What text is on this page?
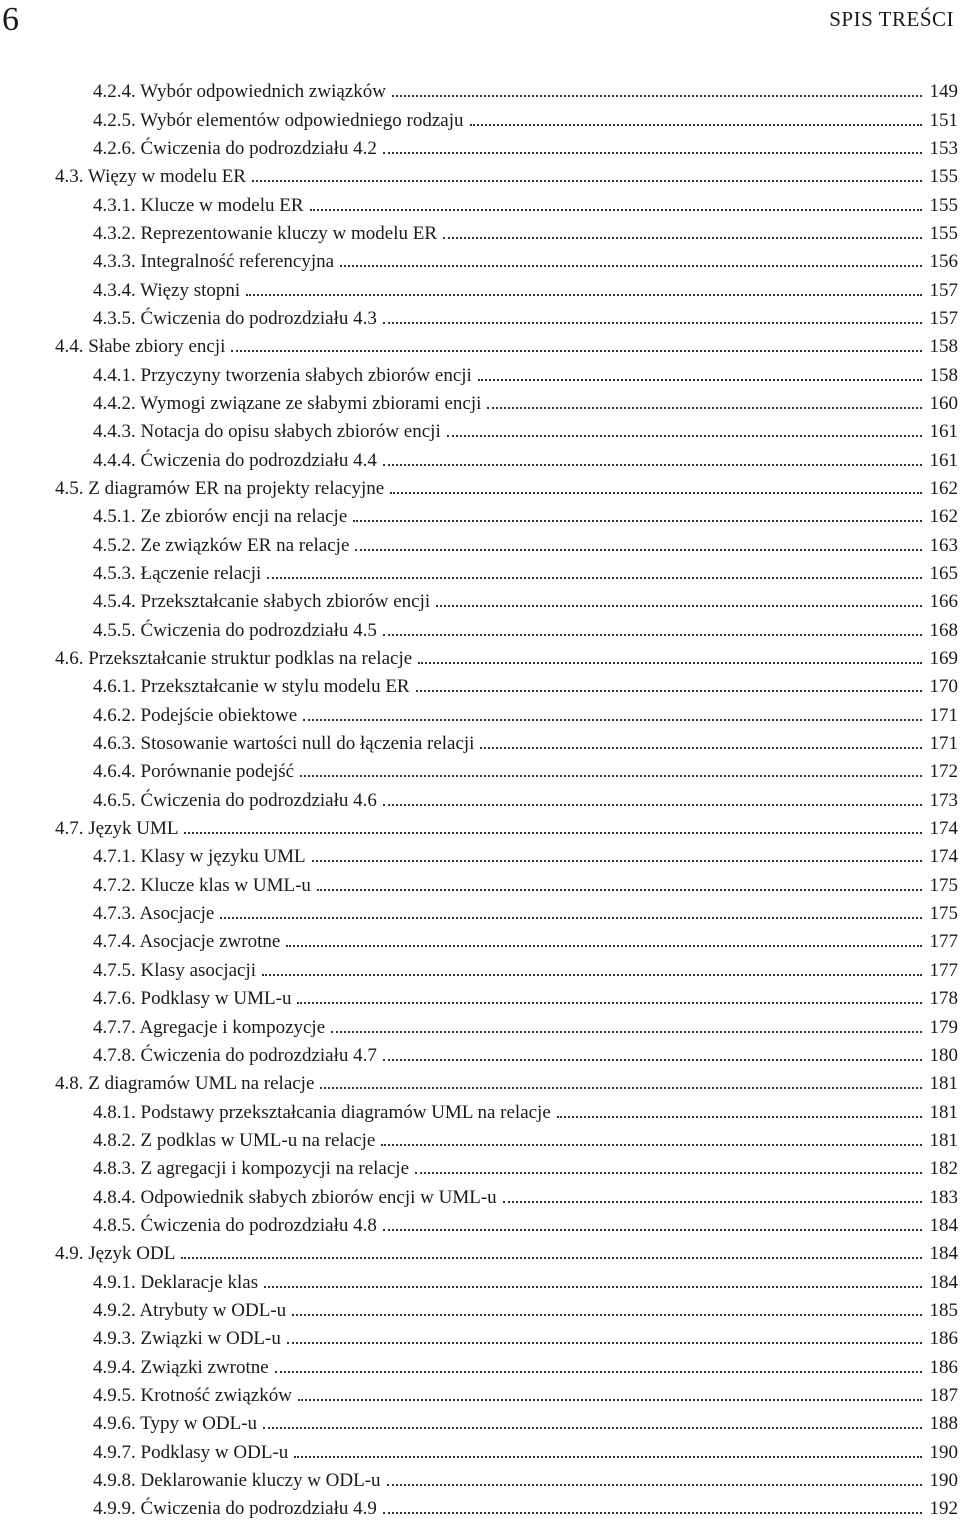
6	SPIS TREŚCI
4.2.4. Wybór odpowiednich związków	149
4.2.5. Wybór elementów odpowiedniego rodzaju	151
4.2.6. Ćwiczenia do podrozdziału 4.2	153
4.3. Więzy w modelu ER	155
4.3.1. Klucze w modelu ER	155
4.3.2. Reprezentowanie kluczy w modelu ER	155
4.3.3. Integralność referencyjna	156
4.3.4. Więzy stopni	157
4.3.5. Ćwiczenia do podrozdziału 4.3	157
4.4. Słabe zbiory encji	158
4.4.1. Przyczyny tworzenia słabych zbiorów encji	158
4.4.2. Wymogi związane ze słabymi zbiorami encji	160
4.4.3. Notacja do opisu słabych zbiorów encji	161
4.4.4. Ćwiczenia do podrozdziału 4.4	161
4.5. Z diagramów ER na projekty relacyjne	162
4.5.1. Ze zbiorów encji na relacje	162
4.5.2. Ze związków ER na relacje	163
4.5.3. Łączenie relacji	165
4.5.4. Przekształcanie słabych zbiorów encji	166
4.5.5. Ćwiczenia do podrozdziału 4.5	168
4.6. Przekształcanie struktur podklas na relacje	169
4.6.1. Przekształcanie w stylu modelu ER	170
4.6.2. Podejście obiektowe	171
4.6.3. Stosowanie wartości null do łączenia relacji	171
4.6.4. Porównanie podejść	172
4.6.5. Ćwiczenia do podrozdziału 4.6	173
4.7. Język UML	174
4.7.1. Klasy w języku UML	174
4.7.2. Klucze klas w UML-u	175
4.7.3. Asocjacje	175
4.7.4. Asocjacje zwrotne	177
4.7.5. Klasy asocjacji	177
4.7.6. Podklasy w UML-u	178
4.7.7. Agregacje i kompozycje	179
4.7.8. Ćwiczenia do podrozdziału 4.7	180
4.8. Z diagramów UML na relacje	181
4.8.1. Podstawy przekształcania diagramów UML na relacje	181
4.8.2. Z podklas w UML-u na relacje	181
4.8.3. Z agregacji i kompozycji na relacje	182
4.8.4. Odpowiednik słabych zbiorów encji w UML-u	183
4.8.5. Ćwiczenia do podrozdziału 4.8	184
4.9. Język ODL	184
4.9.1. Deklaracje klas	184
4.9.2. Atrybuty w ODL-u	185
4.9.3. Związki w ODL-u	186
4.9.4. Związki zwrotne	186
4.9.5. Krotność związków	187
4.9.6. Typy w ODL-u	188
4.9.7. Podklasy w ODL-u	190
4.9.8. Deklarowanie kluczy w ODL-u	190
4.9.9. Ćwiczenia do podrozdziału 4.9	192
